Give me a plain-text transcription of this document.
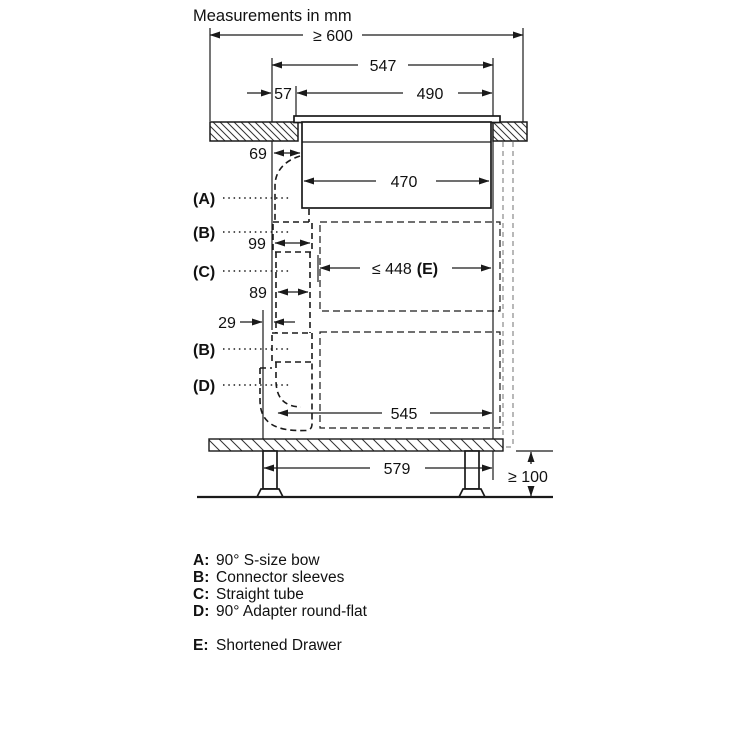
Measurements in mm
≥ 600
547
57	490
69
470
99
≤ 448 (E)
89
29
545
579	≥ 100
(A)
(B)
(C)
(B)
(D)
A: 90° S-size bow
B: Connector sleeves
C: Straight tube
D: 90° Adapter round-flat
E: Shortened Drawer
